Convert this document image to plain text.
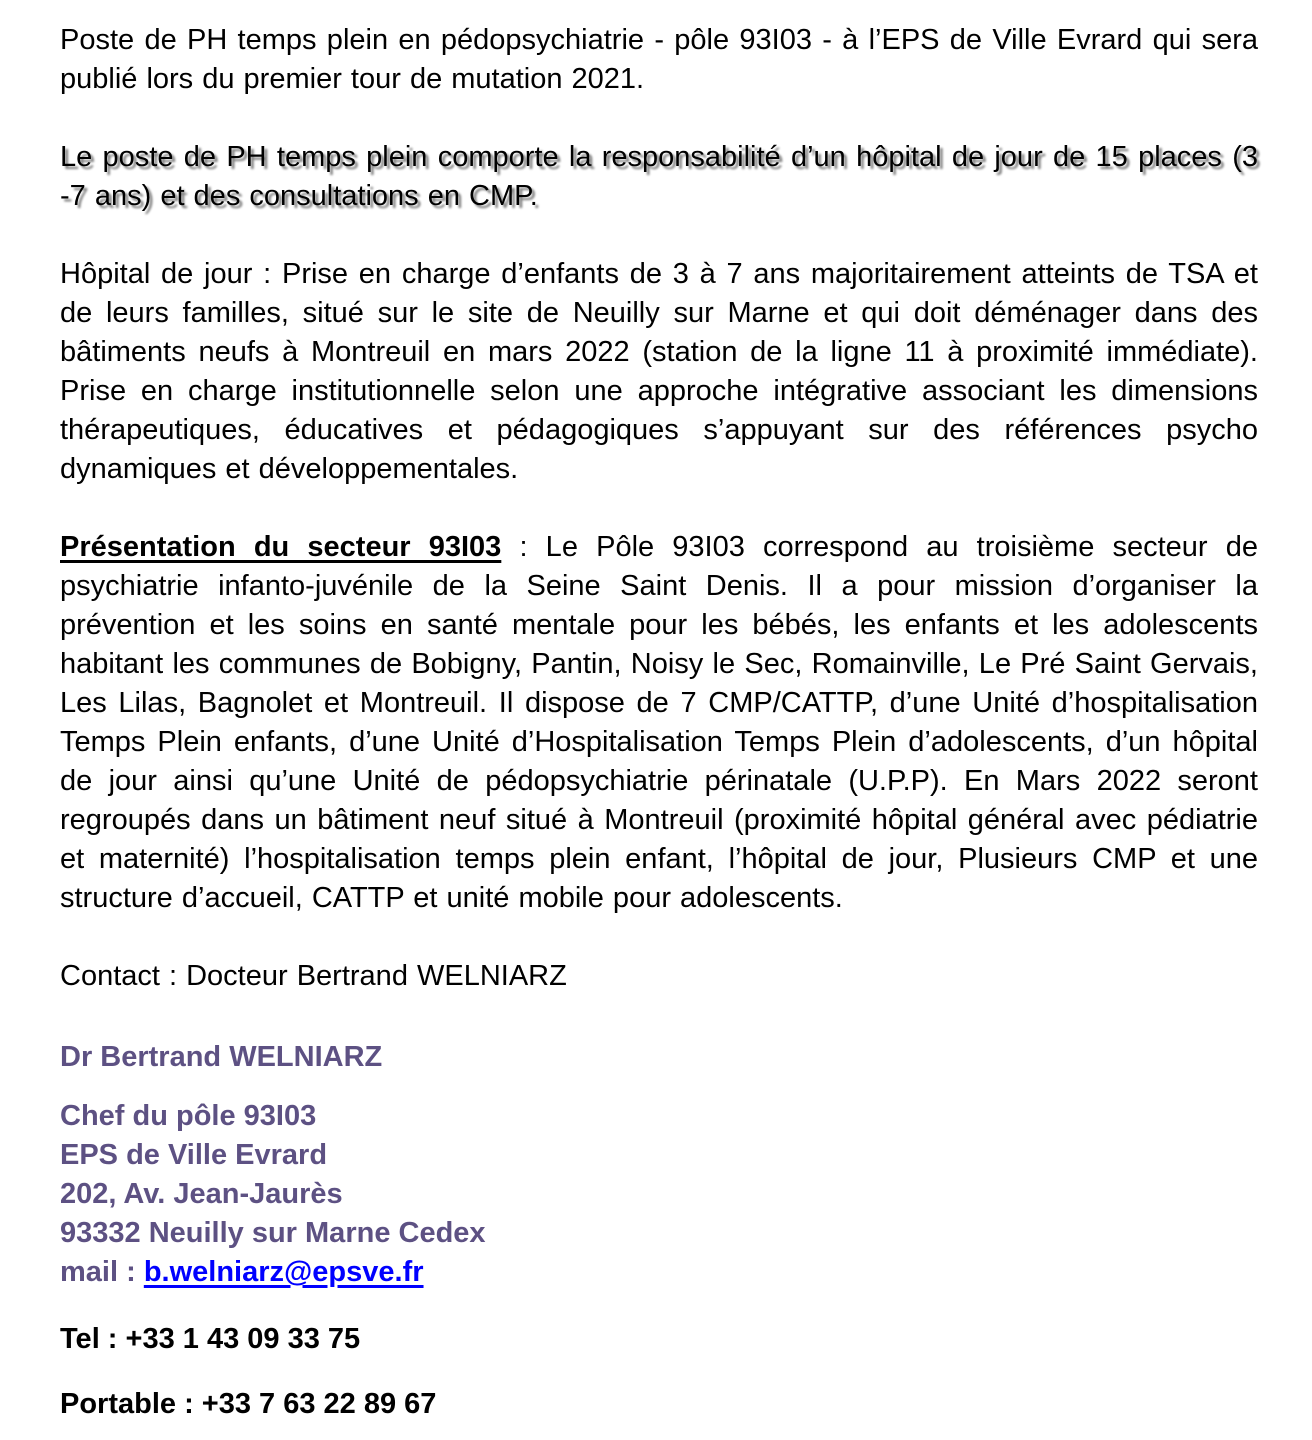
Poste de PH temps plein en pédopsychiatrie - pôle 93I03 - à l’EPS de Ville Evrard qui sera publié lors du premier tour de mutation 2021.

Le poste de PH temps plein comporte la responsabilité d’un hôpital de jour de 15 places (3 -7 ans) et des consultations en CMP.

Hôpital de jour : Prise en charge d’enfants de 3 à 7 ans majoritairement atteints de TSA et de leurs familles, situé sur le site de Neuilly sur Marne et qui doit déménager dans des bâtiments neufs à Montreuil en mars 2022 (station de la ligne 11 à proximité immédiate). Prise en charge institutionnelle selon une approche intégrative associant les dimensions thérapeutiques, éducatives et pédagogiques s’appuyant sur des références psycho dynamiques et développementales.

Présentation du secteur 93I03 : Le Pôle 93I03 correspond au troisième secteur de psychiatrie infanto-juvénile de la Seine Saint Denis. Il a pour mission d’organiser la prévention et les soins en santé mentale pour les bébés, les enfants et les adolescents habitant les communes de Bobigny, Pantin, Noisy le Sec, Romainville, Le Pré Saint Gervais, Les Lilas, Bagnolet et Montreuil. Il dispose de 7 CMP/CATTP, d’une Unité d’hospitalisation Temps Plein enfants, d’une Unité d’Hospitalisation Temps Plein d’adolescents, d’un hôpital de jour ainsi qu’une Unité de pédopsychiatrie périnatale (U.P.P). En Mars 2022 seront regroupés dans un bâtiment neuf situé à Montreuil (proximité hôpital général avec pédiatrie et maternité) l’hospitalisation temps plein enfant, l’hôpital de jour, Plusieurs CMP et une structure d’accueil, CATTP et unité mobile pour adolescents.

Contact : Docteur Bertrand WELNIARZ

Dr Bertrand WELNIARZ

Chef du pôle 93I03
EPS de Ville Evrard
202, Av. Jean-Jaurès
93332 Neuilly sur Marne Cedex
mail : b.welniarz@epsve.fr

Tel : +33 1 43 09 33 75

Portable : +33 7 63 22 89 67
